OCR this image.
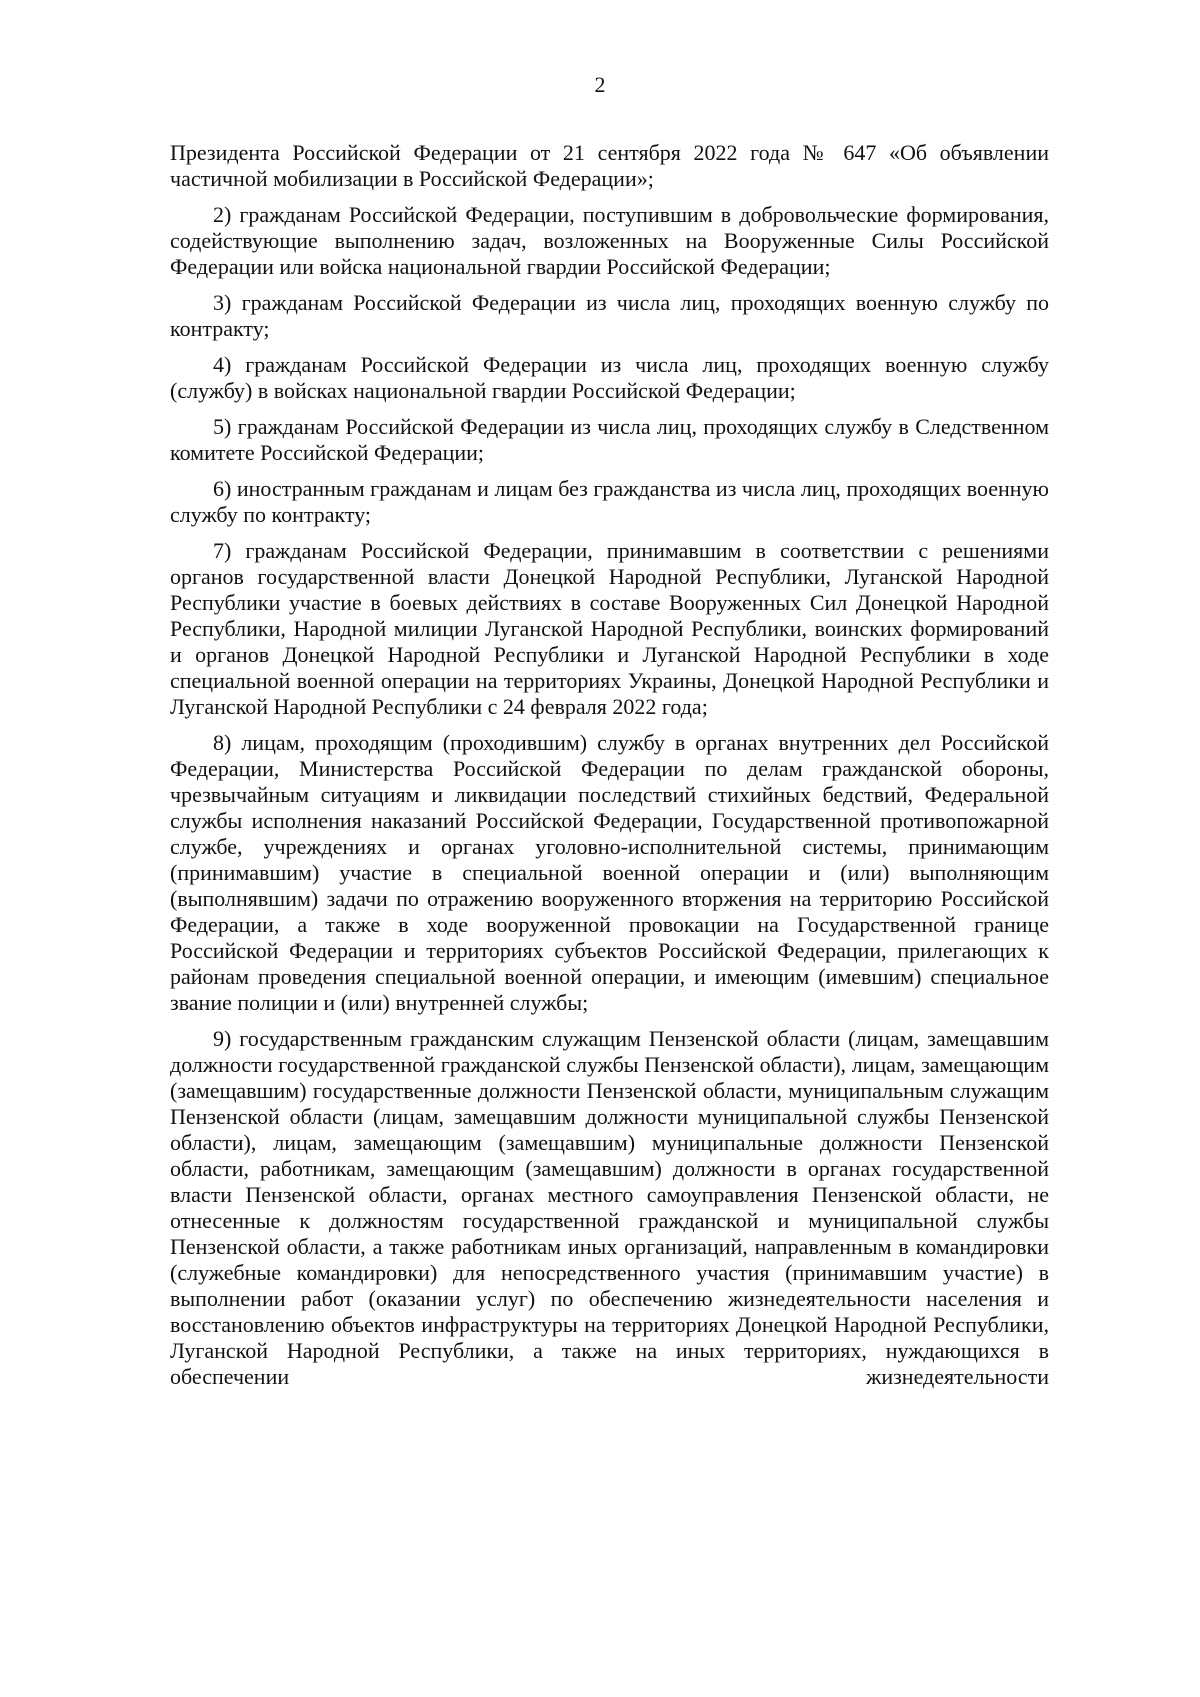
2

Президента Российской Федерации от 21 сентября 2022 года № 647 «Об объявлении частичной мобилизации в Российской Федерации»;

2) гражданам Российской Федерации, поступившим в добровольческие формирования, содействующие выполнению задач, возложенных на Вооруженные Силы Российской Федерации или войска национальной гвардии Российской Федерации;

3) гражданам Российской Федерации из числа лиц, проходящих военную службу по контракту;

4) гражданам Российской Федерации из числа лиц, проходящих военную службу (службу) в войсках национальной гвардии Российской Федерации;

5) гражданам Российской Федерации из числа лиц, проходящих службу в Следственном комитете Российской Федерации;

6) иностранным гражданам и лицам без гражданства из числа лиц, проходящих военную службу по контракту;

7) гражданам Российской Федерации, принимавшим в соответствии с решениями органов государственной власти Донецкой Народной Республики, Луганской Народной Республики участие в боевых действиях в составе Вооруженных Сил Донецкой Народной Республики, Народной милиции Луганской Народной Республики, воинских формирований и органов Донецкой Народной Республики и Луганской Народной Республики в ходе специальной военной операции на территориях Украины, Донецкой Народной Республики и Луганской Народной Республики с 24 февраля 2022 года;

8) лицам, проходящим (проходившим) службу в органах внутренних дел Российской Федерации, Министерства Российской Федерации по делам гражданской обороны, чрезвычайным ситуациям и ликвидации последствий стихийных бедствий, Федеральной службы исполнения наказаний Российской Федерации, Государственной противопожарной службе, учреждениях и органах уголовно-исполнительной системы, принимающим (принимавшим) участие в специальной военной операции и (или) выполняющим (выполнявшим) задачи по отражению вооруженного вторжения на территорию Российской Федерации, а также в ходе вооруженной провокации на Государственной границе Российской Федерации и территориях субъектов Российской Федерации, прилегающих к районам проведения специальной военной операции, и имеющим (имевшим) специальное звание полиции и (или) внутренней службы;

9) государственным гражданским служащим Пензенской области (лицам, замещавшим должности государственной гражданской службы Пензенской области), лицам, замещающим (замещавшим) государственные должности Пензенской области, муниципальным служащим Пензенской области (лицам, замещавшим должности муниципальной службы Пензенской области), лицам, замещающим (замещавшим) муниципальные должности Пензенской области, работникам, замещающим (замещавшим) должности в органах государственной власти Пензенской области, органах местного самоуправления Пензенской области, не отнесенные к должностям государственной гражданской и муниципальной службы Пензенской области, а также работникам иных организаций, направленным в командировки (служебные командировки) для непосредственного участия (принимавшим участие) в выполнении работ (оказании услуг) по обеспечению жизнедеятельности населения и восстановлению объектов инфраструктуры на территориях Донецкой Народной Республики, Луганской Народной Республики, а также на иных территориях, нуждающихся в обеспечении жизнедеятельности
